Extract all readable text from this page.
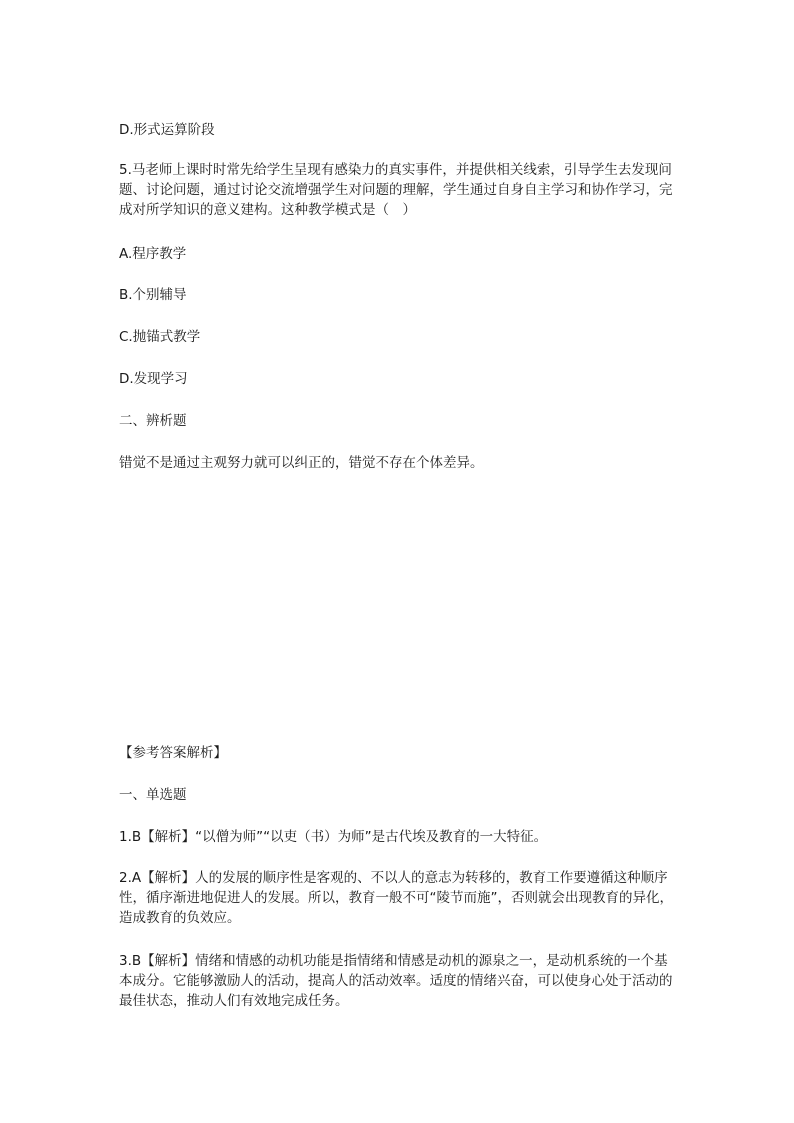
D.形式运算阶段

5.马老师上课时时常先给学生呈现有感染力的真实事件，并提供相关线索，引导学生去发现问题、讨论问题，通过讨论交流增强学生对问题的理解，学生通过自身自主学习和协作学习，完成对所学知识的意义建构。这种教学模式是（　）

A.程序教学

B.个别辅导

C.抛锚式教学

D.发现学习

二、辨析题

错觉不是通过主观努力就可以纠正的，错觉不存在个体差异。

【参考答案解析】

一、单选题

1.B【解析】“以僧为师”“以吏（书）为师”是古代埃及教育的一大特征。

2.A【解析】人的发展的顺序性是客观的、不以人的意志为转移的，教育工作要遵循这种顺序性，循序渐进地促进人的发展。所以，教育一般不可“陵节而施”，否则就会出现教育的异化，造成教育的负效应。

3.B【解析】情绪和情感的动机功能是指情绪和情感是动机的源泉之一，是动机系统的一个基本成分。它能够激励人的活动，提高人的活动效率。适度的情绪兴奋，可以使身心处于活动的最佳状态，推动人们有效地完成任务。
